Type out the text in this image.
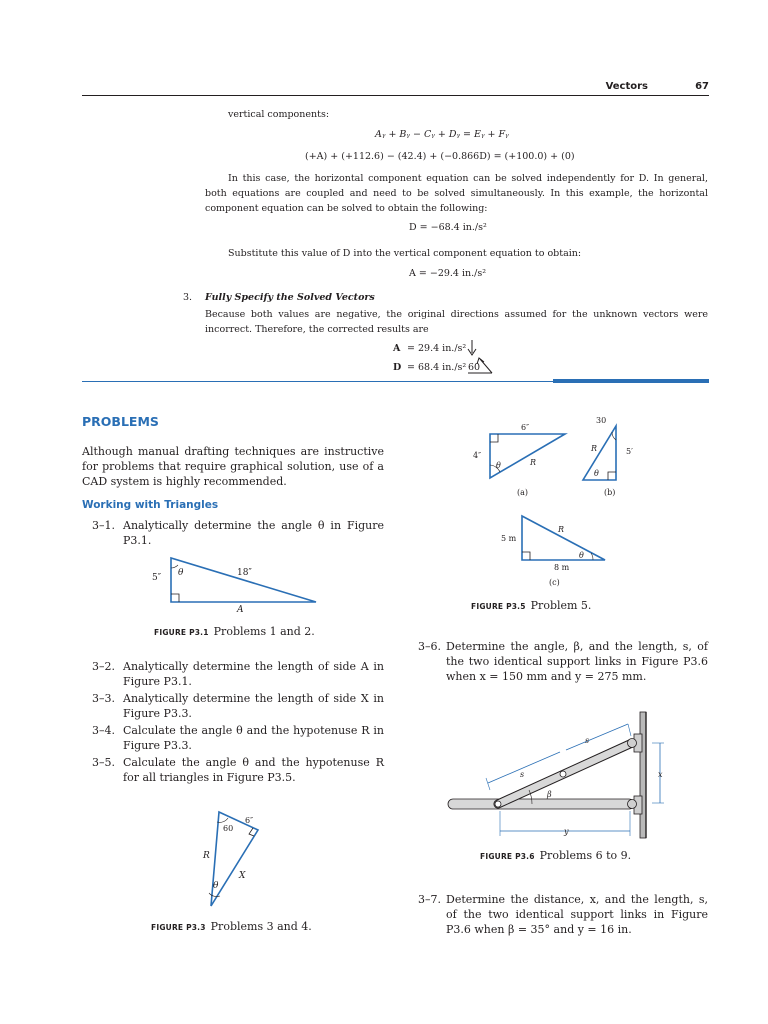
Vectors	67
vertical components:
Aᵧ + Bᵧ − Cᵧ + Dᵧ = Eᵧ + Fᵧ
(+A) + (+112.6) − (42.4) + (−0.866D) = (+100.0) + (0)
In this case, the horizontal component equation can be solved independently for D. In general, both equations are coupled and need to be solved simultaneously. In this example, the horizontal component equation can be solved to obtain the following:
D = −68.4 in./s²
Substitute this value of D into the vertical component equation to obtain:
A = −29.4 in./s²
3. Fully Specify the Solved Vectors
Because both values are negative, the original directions assumed for the unknown vectors were incorrect. Therefore, the corrected results are
A = 29.4 in./s²
D = 68.4 in./s² 60
PROBLEMS
Although manual drafting techniques are instructive for problems that require graphical solution, use of a CAD system is highly recommended.
Working with Triangles
3–1. Analytically determine the angle θ in Figure P3.1.
θ
5″	18″
A
FIGURE P3.1 Problems 1 and 2.
3–2. Analytically determine the length of side A in Figure P3.1.
3–3. Analytically determine the length of side X in Figure P3.3.
3–4. Calculate the angle θ and the hypotenuse R in Figure P3.3.
3–5. Calculate the angle θ and the hypotenuse R for all triangles in Figure P3.5.
60
6″
R
X
θ
FIGURE P3.3 Problems 3 and 4.
6″
4″
θ	R
(a)
30
5′
R
θ
(b)
5 m
R
θ
8 m
(c)
FIGURE P3.5 Problem 5.
3–6. Determine the angle, β, and the length, s, of the two identical support links in Figure P3.6 when x = 150 mm and y = 275 mm.
s
s
x
y
β
FIGURE P3.6 Problems 6 to 9.
3–7. Determine the distance, x, and the length, s, of the two identical support links in Figure P3.6 when β = 35° and y = 16 in.
